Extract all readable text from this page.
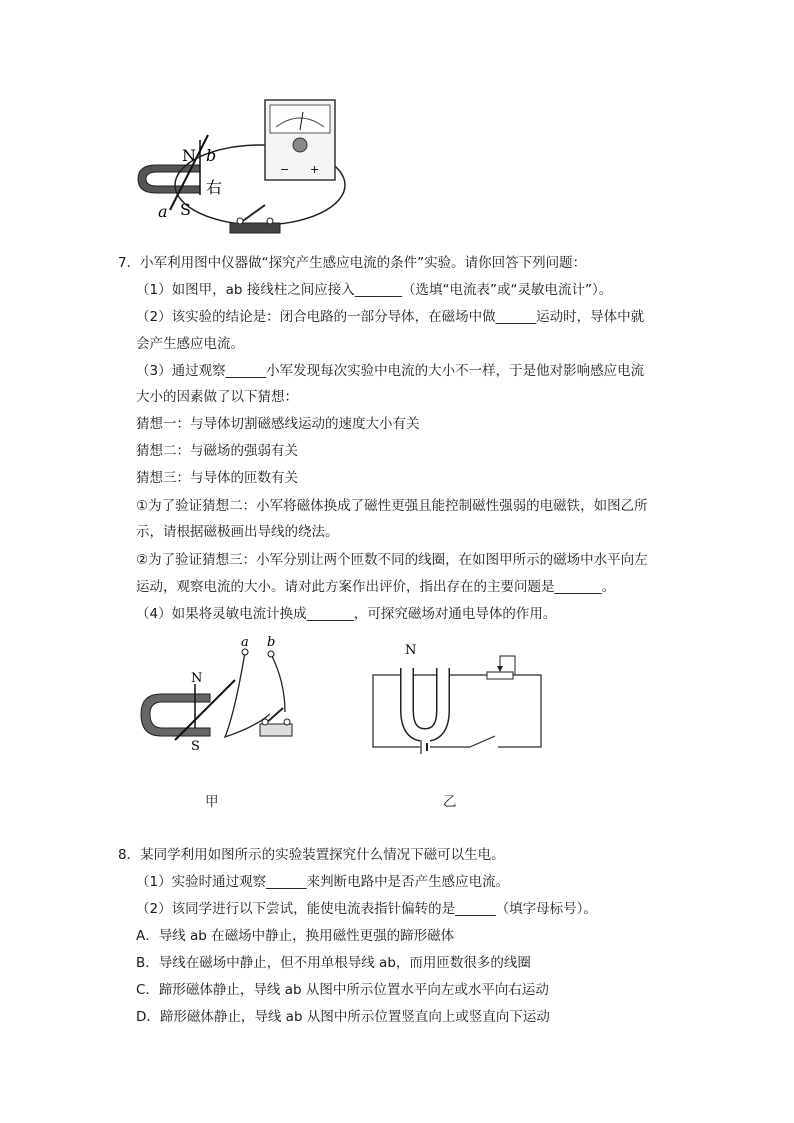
− +
N b
右
a S
7．小军利用图中仪器做“探究产生感应电流的条件”实验。请你回答下列问题：
（1）如图甲，ab 接线柱之间应接入_______（选填“电流表”或“灵敏电流计”）。
（2）该实验的结论是：闭合电路的一部分导体，在磁场中做______运动时，导体中就
会产生感应电流。
（3）通过观察______小军发现每次实验中电流的大小不一样，于是他对影响感应电流
大小的因素做了以下猜想：
猜想一：与导体切割磁感线运动的速度大小有关
猜想二：与磁场的强弱有关
猜想三：与导体的匝数有关
①为了验证猜想二：小军将磁体换成了磁性更强且能控制磁性强弱的电磁铁，如图乙所
示，请根据磁极画出导线的绕法。
②为了验证猜想三：小军分别让两个匝数不同的线圈，在如图甲所示的磁场中水平向左
运动，观察电流的大小。请对此方案作出评价，指出存在的主要问题是_______。
（4）如果将灵敏电流计换成_______，可探究磁场对通电导体的作用。
a b
N
S
甲
N
乙
8．某同学利用如图所示的实验装置探究什么情况下磁可以生电。
（1）实验时通过观察______来判断电路中是否产生感应电流。
（2）该同学进行以下尝试，能使电流表指针偏转的是______（填字母标号）。
A．导线 ab 在磁场中静止，换用磁性更强的蹄形磁体
B．导线在磁场中静止，但不用单根导线 ab，而用匝数很多的线圈
C．蹄形磁体静止，导线 ab 从图中所示位置水平向左或水平向右运动
D．蹄形磁体静止，导线 ab 从图中所示位置竖直向上或竖直向下运动
